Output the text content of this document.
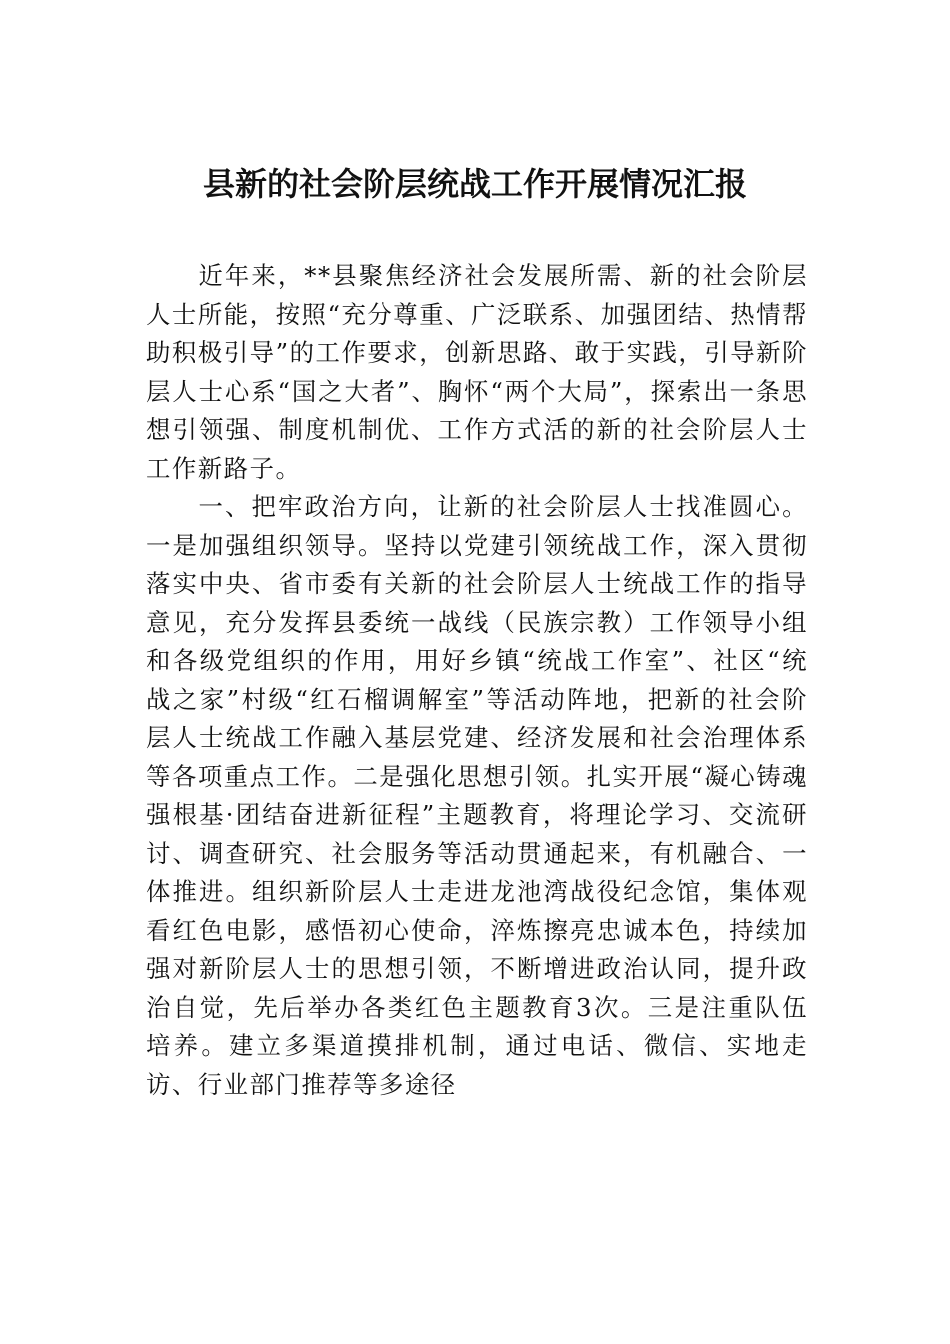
县新的社会阶层统战工作开展情况汇报

近年来，**县聚焦经济社会发展所需、新的社会阶层人士所能，按照“充分尊重、广泛联系、加强团结、热情帮助积极引导”的工作要求，创新思路、敢于实践，引导新阶层人士心系“国之大者”、胸怀“两个大局”，探索出一条思想引领强、制度机制优、工作方式活的新的社会阶层人士工作新路子。

一、把牢政治方向，让新的社会阶层人士找准圆心。一是加强组织领导。坚持以党建引领统战工作，深入贯彻落实中央、省市委有关新的社会阶层人士统战工作的指导意见，充分发挥县委统一战线（民族宗教）工作领导小组和各级党组织的作用，用好乡镇“统战工作室”、社区“统战之家”村级“红石榴调解室”等活动阵地，把新的社会阶层人士统战工作融入基层党建、经济发展和社会治理体系等各项重点工作。二是强化思想引领。扎实开展“凝心铸魂强根基·团结奋进新征程”主题教育，将理论学习、交流研讨、调查研究、社会服务等活动贯通起来，有机融合、一体推进。组织新阶层人士走进龙池湾战役纪念馆，集体观看红色电影，感悟初心使命，淬炼擦亮忠诚本色，持续加强对新阶层人士的思想引领，不断增进政治认同，提升政治自觉，先后举办各类红色主题教育3次。三是注重队伍培养。建立多渠道摸排机制，通过电话、微信、实地走访、行业部门推荐等多途径
